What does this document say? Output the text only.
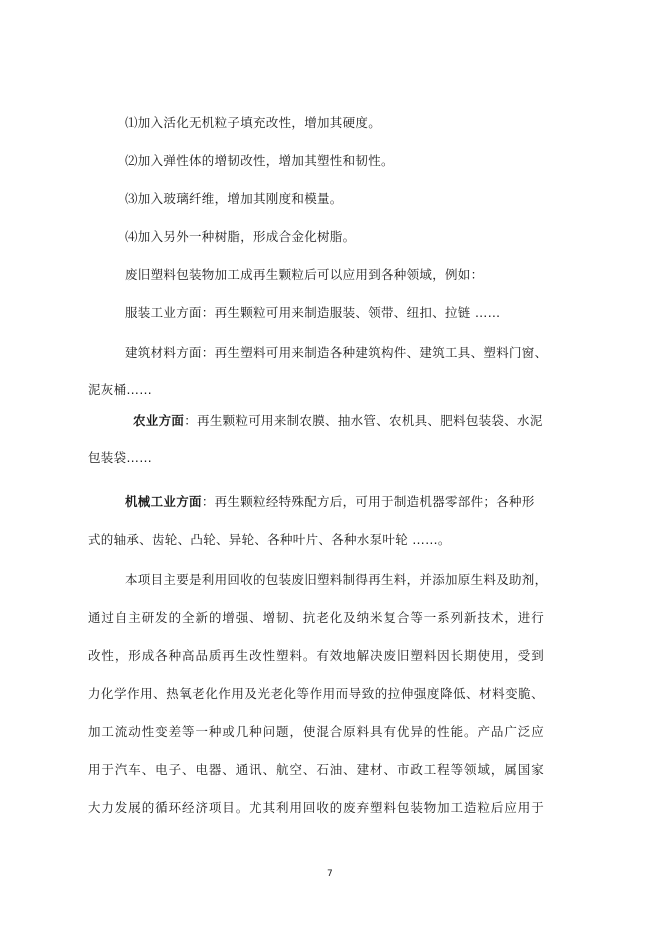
⑴加入活化无机粒子填充改性，增加其硬度。
⑵加入弹性体的增韧改性，增加其塑性和韧性。
⑶加入玻璃纤维，增加其刚度和模量。
⑷加入另外一种树脂，形成合金化树脂。
废旧塑料包装物加工成再生颗粒后可以应用到各种领域，例如：
服装工业方面：再生颗粒可用来制造服装、领带、纽扣、拉链 ……
建筑材料方面：再生塑料可用来制造各种建筑构件、建筑工具、塑料门窗、
泥灰桶……
农业方面：再生颗粒可用来制农膜、抽水管、农机具、肥料包装袋、水泥
包装袋……
机械工业方面：再生颗粒经特殊配方后，可用于制造机器零部件；各种形
式的轴承、齿轮、凸轮、异轮、各种叶片、各种水泵叶轮 ……。
本项目主要是利用回收的包装废旧塑料制得再生料，并添加原生料及助剂，
通过自主研发的全新的增强、增韧、抗老化及纳米复合等一系列新技术，进行
改性，形成各种高品质再生改性塑料。有效地解决废旧塑料因长期使用，受到
力化学作用、热氧老化作用及光老化等作用而导致的拉伸强度降低、材料变脆、
加工流动性变差等一种或几种问题，使混合原料具有优异的性能。产品广泛应
用于汽车、电子、电器、通讯、航空、石油、建材、市政工程等领域，属国家
大力发展的循环经济项目。尤其利用回收的废弃塑料包装物加工造粒后应用于
7
